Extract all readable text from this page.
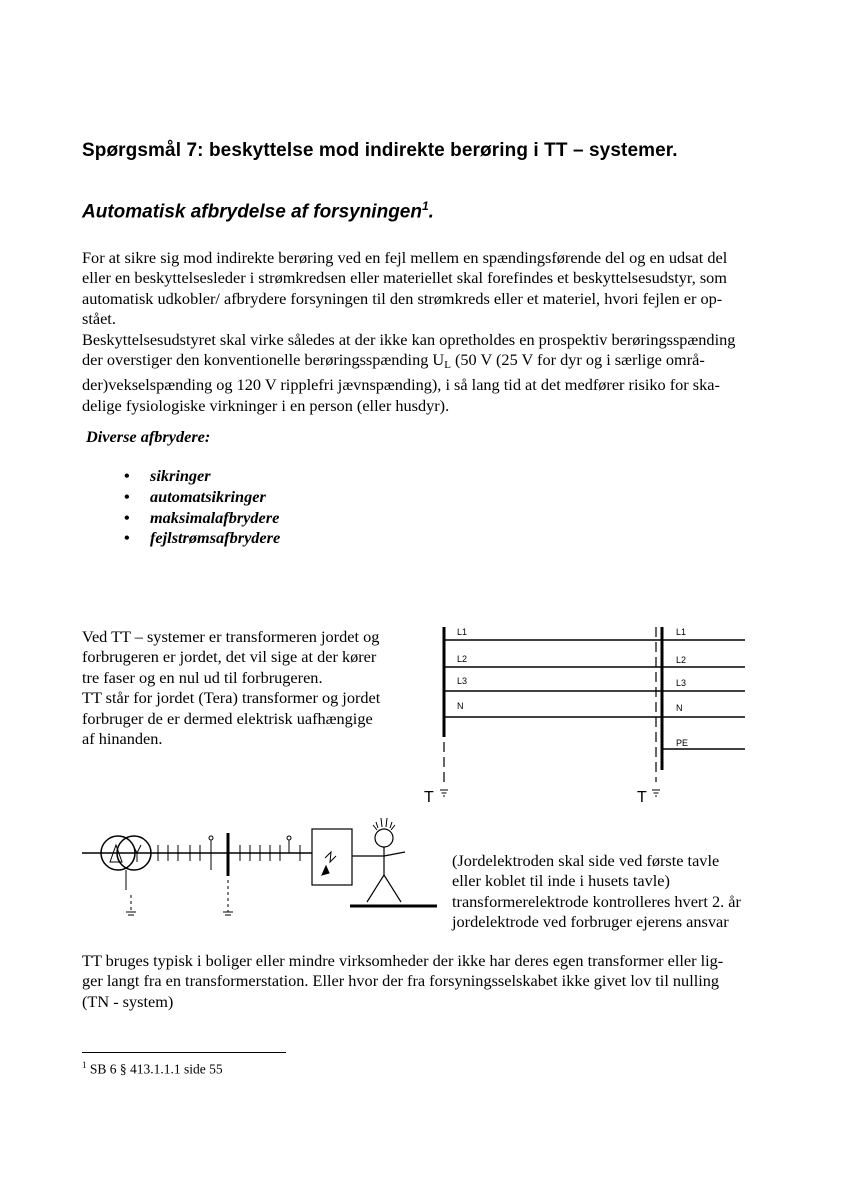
Spørgsmål 7: beskyttelse mod indirekte berøring i TT – systemer.
Automatisk afbrydelse af forsyningen$^1$.
For at sikre sig mod indirekte berøring ved en fejl mellem en spændingsførende del og en udsat del
eller en beskyttelsesleder i strømkredsen eller materiellet skal forefindes et beskyttelsesudstyr, som
automatisk udkobler/ afbrydere forsyningen til den strømkreds eller et materiel, hvori fejlen er op-
stået.
Beskyttelsesudstyret skal virke således at der ikke kan opretholdes en prospektiv berøringsspænding
der overstiger den konventionelle berøringsspænding $U_L$ (50 V (25 V for dyr og i særlige områ-
der)vekselspænding og 120 V ripplefri jævnspænding), i så lang tid at det medfører risiko for ska-
delige fysiologiske virkninger i en person (eller husdyr).
Diverse afbrydere:
• sikringer
• automatsikringer
• maksimalafbrydere
• fejlstrømsafbrydere
Ved TT – systemer er transformeren jordet og
forbrugeren er jordet, det vil sige at der kører
tre faser og en nul ud til forbrugeren.
TT står for jordet (Tera) transformer og jordet
forbruger de er dermed elektrisk uafhængige
af hinanden.
L1
L2
L3
N
L1
L2
L3
N
PE
T	T
(Jordelektroden skal side ved første tavle
eller koblet til inde i husets tavle)
transformerelektrode kontrolleres hvert 2. år
jordelektrode ved forbruger ejerens ansvar
TT bruges typisk i boliger eller mindre virksomheder der ikke har deres egen transformer eller lig-
ger langt fra en transformerstation. Eller hvor der fra forsyningsselskabet ikke givet lov til nulling
(TN - system)
$^1$ SB 6 § 413.1.1.1 side 55
